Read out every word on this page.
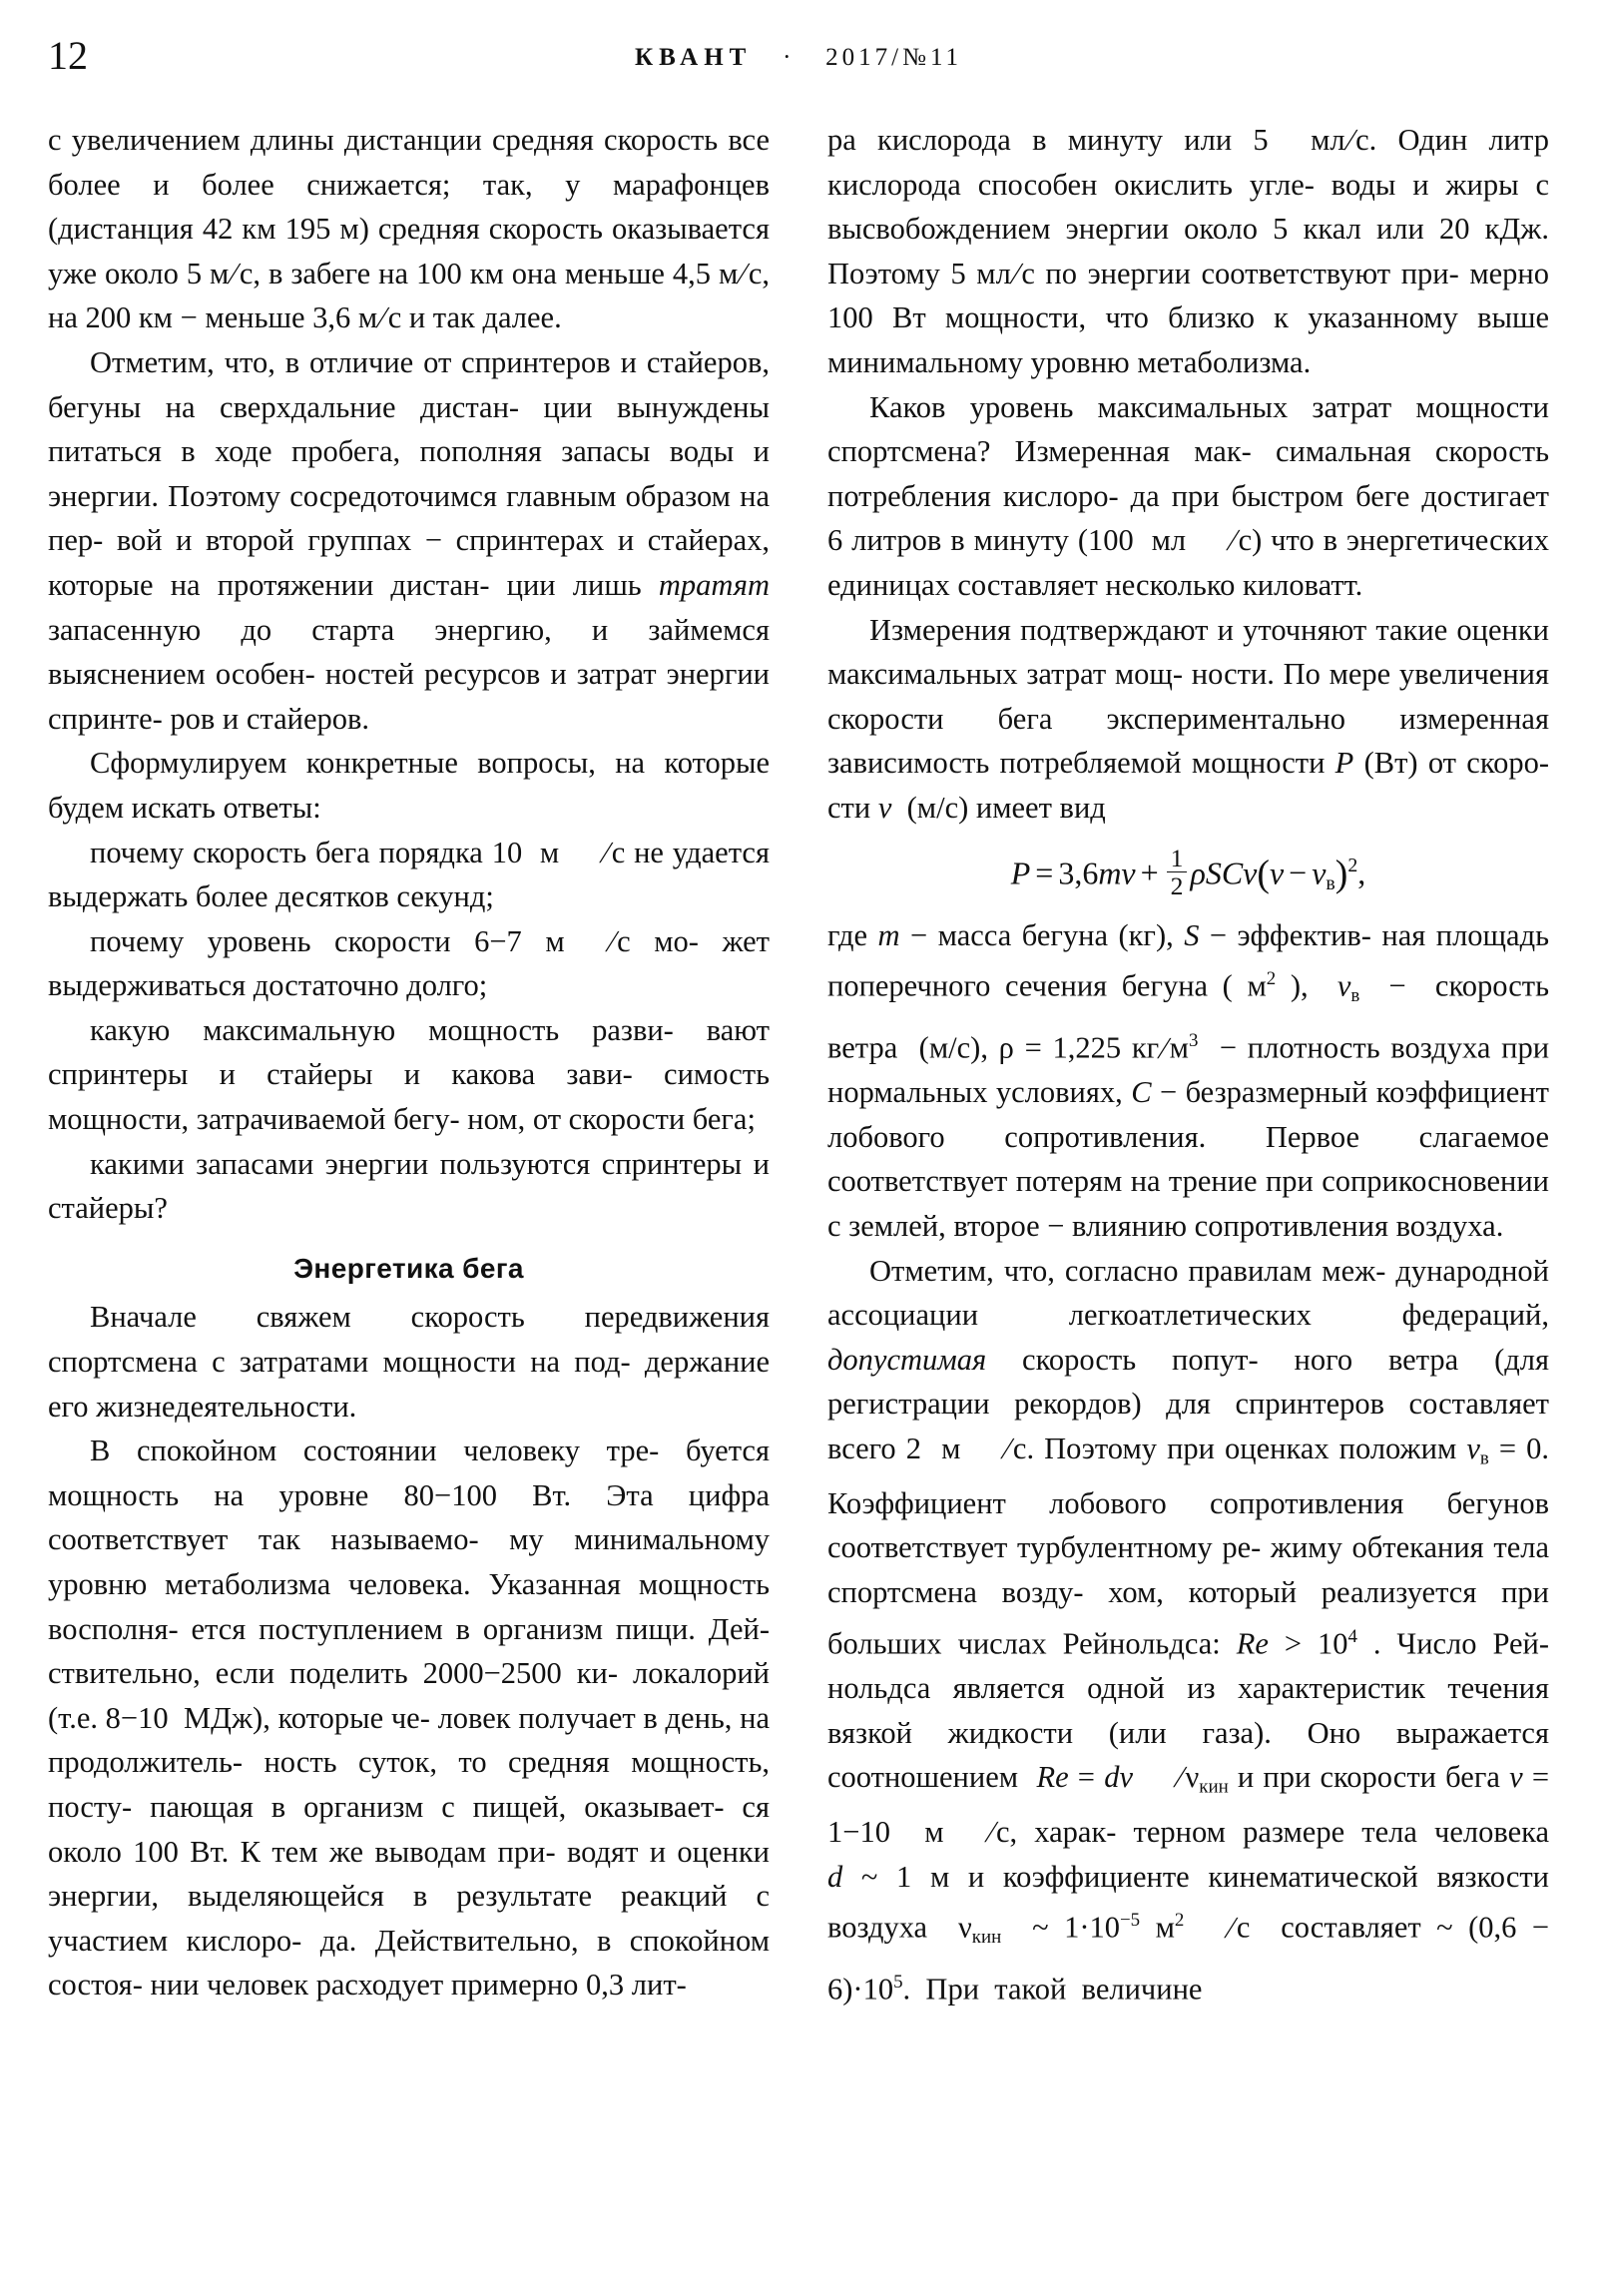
12	КВАНТ   ·   2017/№11

с увеличением длины дистанции средняя скорость все более и более снижается; так, у марафонцев (дистанция 42 км 195 м) средняя скорость оказывается уже около 5 м/с, в забеге на 100 км она меньше 4,5 м/с, на 200 км − меньше 3,6 м/с и так далее.

Отметим, что, в отличие от спринтеров и стайеров, бегуны на сверхдальние дистан- ции вынуждены питаться в ходе пробега, пополняя запасы воды и энергии. Поэтому сосредоточимся главным образом на пер- вой и второй группах − спринтерах и стайерах, которые на протяжении дистан- ции лишь тратят запасенную до старта энергию, и займемся выяснением особен- ностей ресурсов и затрат энергии спринте- ров и стайеров.

Сформулируем конкретные вопросы, на которые будем искать ответы:

почему скорость бега порядка 10  м /с не удается выдержать более десятков секунд;

почему уровень скорости 6−7 м /с мо- жет выдерживаться достаточно долго;

какую максимальную мощность разви- вают спринтеры и стайеры и какова зави- симость мощности, затрачиваемой бегу- ном, от скорости бега;

какими запасами энергии пользуются спринтеры и стайеры?

Энергетика бега

Вначале свяжем скорость передвижения спортсмена с затратами мощности на под- держание его жизнедеятельности.

В спокойном состоянии человеку тре- буется мощность на уровне 80−100 Вт. Эта цифра соответствует так называемо- му минимальному уровню метаболизма человека. Указанная мощность восполня- ется поступлением в организм пищи. Дей- ствительно, если поделить 2000−2500 ки- локалорий (т.е. 8−10  МДж), которые че- ловек получает в день, на продолжитель- ность суток, то средняя мощность, посту- пающая в организм с пищей, оказывает- ся около 100 Вт. К тем же выводам при- водят и оценки энергии, выделяющейся в результате реакций с участием кислоро- да. Действительно, в спокойном состоя- нии человек расходует примерно 0,3 лит-

ра кислорода в минуту или 5  мл/с. Один литр кислорода способен окислить угле- воды и жиры с высвобождением энергии около 5 ккал или 20 кДж. Поэтому 5 мл/с по энергии соответствуют при- мерно 100 Вт мощности, что близко к указанному выше минимальному уровню метаболизма.

Каков уровень максимальных затрат мощности спортсмена? Измеренная мак- симальная скорость потребления кислоро- да при быстром беге достигает 6 литров в минуту (100  мл /с) что в энергетических единицах составляет несколько киловатт.

Измерения подтверждают и уточняют такие оценки максимальных затрат мощ- ности. По мере увеличения скорости бега экспериментально измеренная зависимость потребляемой мощности P (Вт) от скоро- сти v  (м/с) имеет вид

$P = 3,6mv + \frac{1}{2} \rho SCv(v - vв)^2$,

где m − масса бегуна (кг), S − эффектив- ная площадь поперечного сечения бегуна ( $м^2$ ),  vв  −  скорость ветра  (м/с), ρ = 1,225 $кг/м^3$  − плотность воздуха при нормальных условиях, C − безразмерный коэффициент лобового сопротивления. Первое слагаемое соответствует потерям на трение при соприкосновении с землей, второе − влиянию сопротивления воздуха.

Отметим, что, согласно правилам меж- дународной ассоциации легкоатлетических федераций, допустимая скорость попут- ного ветра (для регистрации рекордов) для спринтеров составляет всего 2  м /с. Поэтому при оценках положим vв = 0. Коэффициент лобового сопротивления бегунов соответствует турбулентному ре- жиму обтекания тела спортсмена возду- хом, который реализуется при больших числах Рейнольдса: $Re > 10^4$ . Число Рей- нольдса является одной из характеристик течения вязкой жидкости (или газа). Оно выражается соотношением  Re = dv /νкин и при скорости бега v = 1−10  м /с, харак- терном размере тела человека d ~ 1 м и коэффициенте кинематической вязкости воздуха  νкин ~ $1\cdot 10^{-5}$ $м^2$ /с  составляет ~ $(0,6 - 6)\cdot 10^5$.  При  такой  величине
